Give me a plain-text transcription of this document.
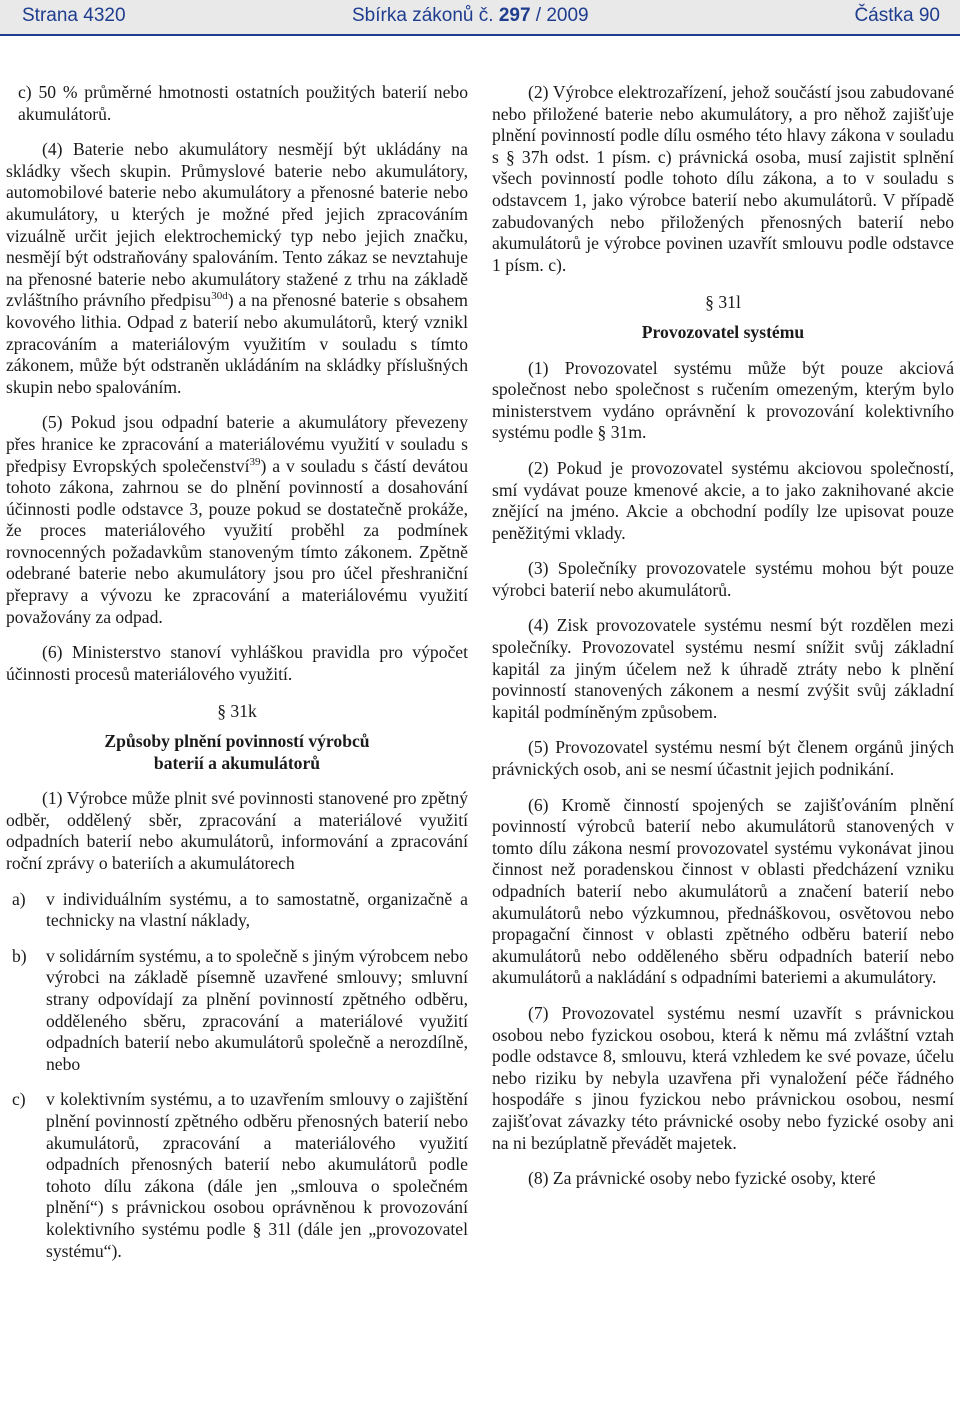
Strana 4320	Sbírka zákonů č. 297 / 2009	Částka 90

c) 50 % průměrné hmotnosti ostatních použitých baterií nebo akumulátorů.

(4) Baterie nebo akumulátory nesmějí být ukládány na skládky všech skupin. Průmyslové baterie nebo akumulátory, automobilové baterie nebo akumulátory a přenosné baterie nebo akumulátory, u kterých je možné před jejich zpracováním vizuálně určit jejich elektrochemický typ nebo jejich značku, nesmějí být odstraňovány spalováním. Tento zákaz se nevztahuje na přenosné baterie nebo akumulátory stažené z trhu na základě zvláštního právního předpisu$^{30d}$) a na přenosné baterie s obsahem kovového lithia. Odpad z baterií nebo akumulátorů, který vznikl zpracováním a materiálovým využitím v souladu s tímto zákonem, může být odstraněn ukládáním na skládky příslušných skupin nebo spalováním.

(5) Pokud jsou odpadní baterie a akumulátory převezeny přes hranice ke zpracování a materiálovému využití v souladu s předpisy Evropských společenství$^{39}$) a v souladu s částí devátou tohoto zákona, zahrnou se do plnění povinností a dosahování účinnosti podle odstavce 3, pouze pokud se dostatečně prokáže, že proces materiálového využití proběhl za podmínek rovnocenných požadavkům stanoveným tímto zákonem. Zpětně odebrané baterie nebo akumulátory jsou pro účel přeshraniční přepravy a vývozu ke zpracování a materiálovému využití považovány za odpad.

(6) Ministerstvo stanoví vyhláškou pravidla pro výpočet účinnosti procesů materiálového využití.

§ 31k
Způsoby plnění povinností výrobců
baterií a akumulátorů

(1) Výrobce může plnit své povinnosti stanovené pro zpětný odběr, oddělený sběr, zpracování a materiálové využití odpadních baterií nebo akumulátorů, informování a zpracování roční zprávy o bateriích a akumulátorech

a) v individuálním systému, a to samostatně, organizačně a technicky na vlastní náklady,

b) v solidárním systému, a to společně s jiným výrobcem nebo výrobci na základě písemně uzavřené smlouvy; smluvní strany odpovídají za plnění povinností zpětného odběru, odděleného sběru, zpracování a materiálové využití odpadních baterií nebo akumulátorů společně a nerozdílně, nebo

c) v kolektivním systému, a to uzavřením smlouvy o zajištění plnění povinností zpětného odběru přenosných baterií nebo akumulátorů, zpracování a materiálového využití odpadních přenosných baterií nebo akumulátorů podle tohoto dílu zákona (dále jen „smlouva o společném plnění“) s právnickou osobou oprávněnou k provozování kolektivního systému podle § 31l (dále jen „provozovatel systému“).

(2) Výrobce elektrozařízení, jehož součástí jsou zabudované nebo přiložené baterie nebo akumulátory, a pro něhož zajišťuje plnění povinností podle dílu osmého této hlavy zákona v souladu s § 37h odst. 1 písm. c) právnická osoba, musí zajistit splnění všech povinností podle tohoto dílu zákona, a to v souladu s odstavcem 1, jako výrobce baterií nebo akumulátorů. V případě zabudovaných nebo přiložených přenosných baterií nebo akumulátorů je výrobce povinen uzavřít smlouvu podle odstavce 1 písm. c).

§ 31l
Provozovatel systému

(1) Provozovatel systému může být pouze akciová společnost nebo společnost s ručením omezeným, kterým bylo ministerstvem vydáno oprávnění k provozování kolektivního systému podle § 31m.

(2) Pokud je provozovatel systému akciovou společností, smí vydávat pouze kmenové akcie, a to jako zaknihované akcie znějící na jméno. Akcie a obchodní podíly lze upisovat pouze peněžitými vklady.

(3) Společníky provozovatele systému mohou být pouze výrobci baterií nebo akumulátorů.

(4) Zisk provozovatele systému nesmí být rozdělen mezi společníky. Provozovatel systému nesmí snížit svůj základní kapitál za jiným účelem než k úhradě ztráty nebo k plnění povinností stanovených zákonem a nesmí zvýšit svůj základní kapitál podmíněným způsobem.

(5) Provozovatel systému nesmí být členem orgánů jiných právnických osob, ani se nesmí účastnit jejich podnikání.

(6) Kromě činností spojených se zajišťováním plnění povinností výrobců baterií nebo akumulátorů stanovených v tomto dílu zákona nesmí provozovatel systému vykonávat jinou činnost než poradenskou činnost v oblasti předcházení vzniku odpadních baterií nebo akumulátorů a značení baterií nebo akumulátorů nebo výzkumnou, přednáškovou, osvětovou nebo propagační činnost v oblasti zpětného odběru baterií nebo akumulátorů nebo odděleného sběru odpadních baterií nebo akumulátorů a nakládání s odpadními bateriemi a akumulátory.

(7) Provozovatel systému nesmí uzavřít s právnickou osobou nebo fyzickou osobou, která k němu má zvláštní vztah podle odstavce 8, smlouvu, která vzhledem ke své povaze, účelu nebo riziku by nebyla uzavřena při vynaložení péče řádného hospodáře s jinou fyzickou nebo právnickou osobou, nesmí zajišťovat závazky této právnické osoby nebo fyzické osoby ani na ni bezúplatně převádět majetek.

(8) Za právnické osoby nebo fyzické osoby, které
